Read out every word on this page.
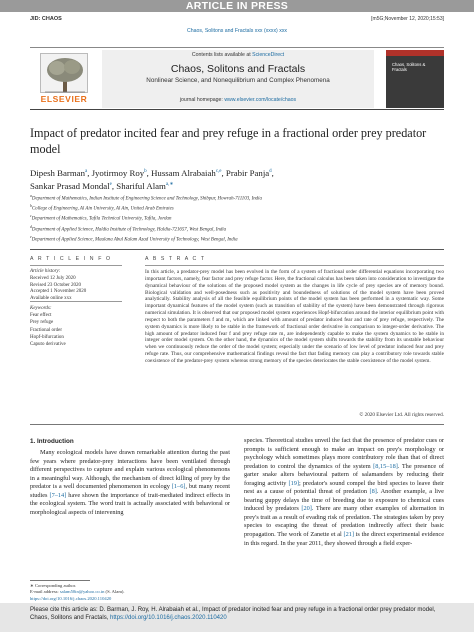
ARTICLE IN PRESS
JID: CHAOS	[m5G;November 12, 2020;15:53]
Chaos, Solitons and Fractals xxx (xxxx) xxx
ELSEVIER
Contents lists available at ScienceDirect
Chaos, Solitons and Fractals
Nonlinear Science, and Nonequilibrium and Complex Phenomena
journal homepage: www.elsevier.com/locate/chaos
Chaos, Solitons & Fractals
Impact of predator incited fear and prey refuge in a fractional order prey predator model
Dipesh Barman$^a$, Jyotirmoy Roy$^b$, Hussam Alrabaiah$^{c,e}$, Prabir Panja$^d$,
Sankar Prasad Mondal$^e$, Shariful Alam$^{a,∗}$
$^a$Department of Mathematics, Indian Institute of Engineering Science and Technology, Shibpur, Howrah-711103, India
$^b$College of Engineering, Al Ain University, Al Ain, United Arab Emirates
$^c$Department of Mathematics, Tafila Technical University, Tafila, Jordan
$^d$Department of Applied Science, Haldia Institute of Technology, Haldia-721657, West Bengal, India
$^e$Department of Applied Science, Maulana Abul Kalam Azad University of Technology, West Bengal, India
A R T I C L E I N F O	A B S T R A C T
Article history:
Received 12 July 2020
Revised 23 October 2020
Accepted 1 November 2020
Available online xxx
Keywords:
Fear effect
Prey refuge
Fractional order
Hopf-bifurcation
Caputo derivative
In this article, a predator-prey model has been evolved in the form of a system of fractional order differential equations incorporating two important factors, namely, fear factor and prey refuge factor. Here, the fractional calculus has been taken into consideration to investigate the dynamical behaviour of the solutions of the proposed model system as the changes in life cycle of prey species are of memory bound. Biological validation and well-posedness such as positivity and boundedness of solutions of the model system have been proved analytically. Stability analysis of all the feasible equilibrium points of the model system has been performed in a systematic way. Some important dynamical features of the model system (such as transition of stability of the system) have been demonstrated through rigorous numerical simulation. It is observed that our proposed model system experiences Hopf-bifurcation around the interior equilibrium point with respect to both the parameters f and m₁ which are linked with amount of predator induced fear and rate of prey refuge, respectively. The system dynamics is more likely to be stable in the framework of fractional order derivative in comparison to integer-order derivative. The high amount of predator induced fear f and prey refuge rate m₁ are independently capable to make the system dynamics to be stable in integer order model system. On the other hand, the dynamics of the model system shifts towards the stability from its unstable behaviour when we continuously reduce the order of the model system; especially under the scenario of low level of predator induced fear and prey refuge rate. Thus, our comprehensive mathematical findings reveal the fact that fading memory can play a contributory role towards stable coexistence of the predator-prey system whereas strong memory of the species deteriorates the stable coexistence of the model system.
© 2020 Elsevier Ltd. All rights reserved.
1. Introduction
Many ecological models have drawn remarkable attention during the past few years where predator-prey interactions have been ventilated through different perspectives to capture and explain various ecological phenomenons in a meaningful way. Although, the mechanism of direct killing of prey by the predator is a well documented phenomenon in ecology [1–6], but many recent studies [7–14] have shown the importance of trait-mediated indirect effects in the ecological system. The word trait is actually associated with behavioral or morphological aspects of intervening
species. Theoretical studies unveil the fact that the presence of predator cues or prompts is sufficient enough to make an impact on prey's morphology or psychology which sometimes plays more contributory role than that of direct predation to control the dynamics of the system [8,15–18]. The presence of garter snake alters behavioural pattern of salamanders by reducing their foraging activity [19]; predator's sound compel the bird species to leave their nest as a cause of potential threat of predation [8]. Another example, a live bearing guppy delays the time of breeding due to exposure to chemical cues induced by predators [20]. There are many other examples of alternation in prey's trait as a result of evading risk of predation. The strategies taken by prey species to escaping the threat of predation indirectly affect their basic propagation. The work of Zanette et al [21] is the direct experimental evidence in this regard. In the year 2011, they showed through a field exper-
∗ Corresponding author.
E-mail address: salam50in@yahoo.co.in (S. Alam).
https://doi.org/10.1016/j.chaos.2020.110420
Please cite this article as: D. Barman, J. Roy, H. Alrabaiah et al., Impact of predator incited fear and prey refuge in a fractional order prey predator model, Chaos, Solitons and Fractals, https://doi.org/10.1016/j.chaos.2020.110420
